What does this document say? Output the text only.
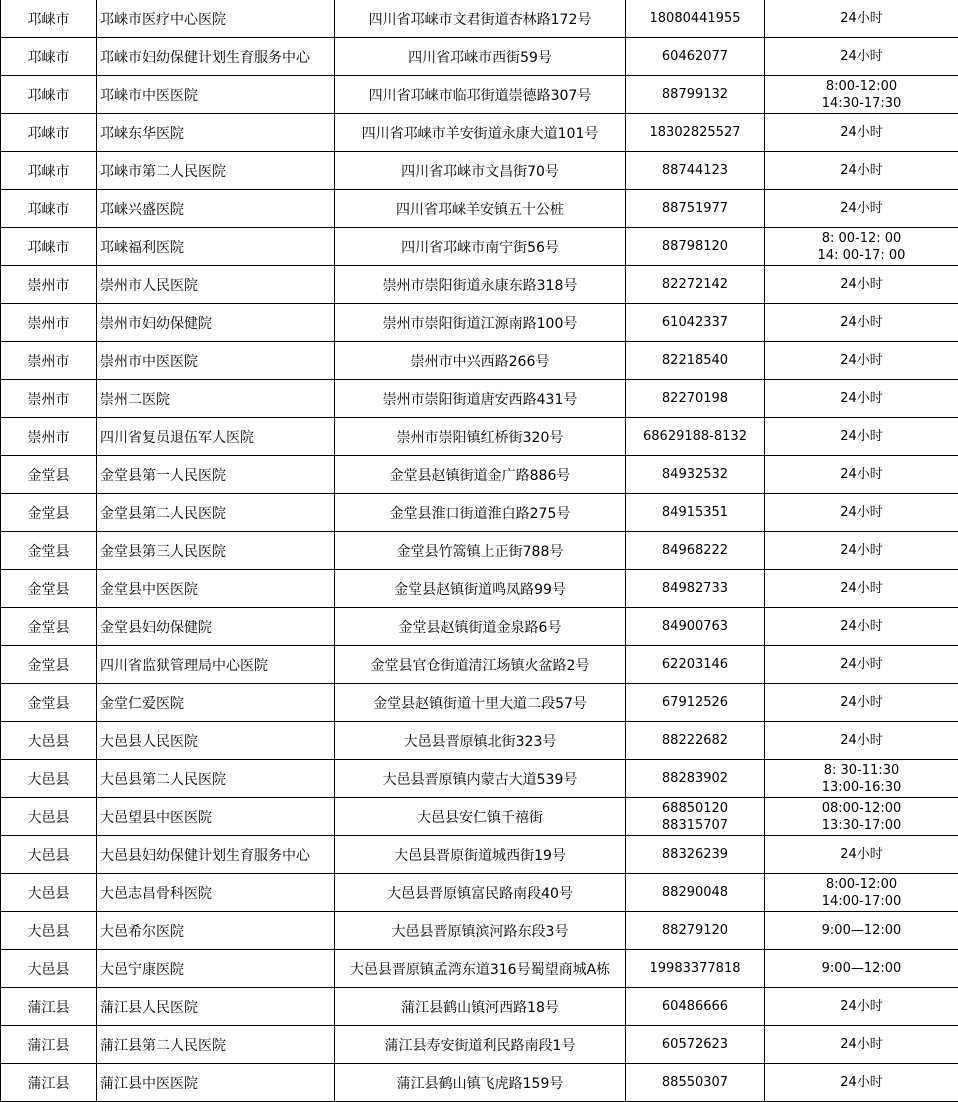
邛崃市	邛崃市医疗中心医院	四川省邛崃市文君街道杏林路172号	18080441955	24小时

邛崃市	邛崃市妇幼保健计划生育服务中心	四川省邛崃市西街59号	60462077	24小时

邛崃市	邛崃市中医医院	四川省邛崃市临邛街道崇德路307号	88799132	8:00-12:00
14:30-17:30

邛崃市	邛崃东华医院	四川省邛崃市羊安街道永康大道101号	18302825527	24小时

邛崃市	邛崃市第二人民医院	四川省邛崃市文昌街70号	88744123	24小时

邛崃市	邛崃兴盛医院	四川省邛崃羊安镇五十公桩	88751977	24小时

邛崃市	邛崃福利医院	四川省邛崃市南宁街56号	88798120	8: 00-12: 00
14: 00-17: 00

崇州市	崇州市人民医院	崇州市崇阳街道永康东路318号	82272142	24小时

崇州市	崇州市妇幼保健院	崇州市崇阳街道江源南路100号	61042337	24小时

崇州市	崇州市中医医院	崇州市中兴西路266号	82218540	24小时

崇州市	崇州二医院	崇州市崇阳街道唐安西路431号	82270198	24小时

崇州市	四川省复员退伍军人医院	崇州市崇阳镇红桥街320号	68629188-8132	24小时

金堂县	金堂县第一人民医院	金堂县赵镇街道金广路886号	84932532	24小时

金堂县	金堂县第二人民医院	金堂县淮口街道淮白路275号	84915351	24小时

金堂县	金堂县第三人民医院	金堂县竹篙镇上正街788号	84968222	24小时

金堂县	金堂县中医医院	金堂县赵镇街道鸣凤路99号	84982733	24小时

金堂县	金堂县妇幼保健院	金堂县赵镇街道金泉路6号	84900763	24小时

金堂县	四川省监狱管理局中心医院	金堂县官仓街道清江场镇火盆路2号	62203146	24小时

金堂县	金堂仁爱医院	金堂县赵镇街道十里大道二段57号	67912526	24小时

大邑县	大邑县人民医院	大邑县晋原镇北街323号	88222682	24小时

大邑县	大邑县第二人民医院	大邑县晋原镇内蒙古大道539号	88283902	8: 30-11:30
13:00-16:30

大邑县	大邑望县中医医院	大邑县安仁镇千禧街	68850120
88315707	08:00-12:00
13:30-17:00

大邑县	大邑县妇幼保健计划生育服务中心	大邑县晋原街道城西街19号	88326239	24小时

大邑县	大邑志昌骨科医院	大邑县晋原镇富民路南段40号	88290048	8:00-12:00
14:00-17:00

大邑县	大邑希尔医院	大邑县晋原镇滨河路东段3号	88279120	9:00—12:00

大邑县	大邑宁康医院	大邑县晋原镇孟湾东道316号蜀望商城A栋	19983377818	9:00—12:00

蒲江县	蒲江县人民医院	蒲江县鹤山镇河西路18号	60486666	24小时

蒲江县	蒲江县第二人民医院	蒲江县寿安街道利民路南段1号	60572623	24小时

蒲江县	蒲江县中医医院	蒲江县鹤山镇飞虎路159号	88550307	24小时
